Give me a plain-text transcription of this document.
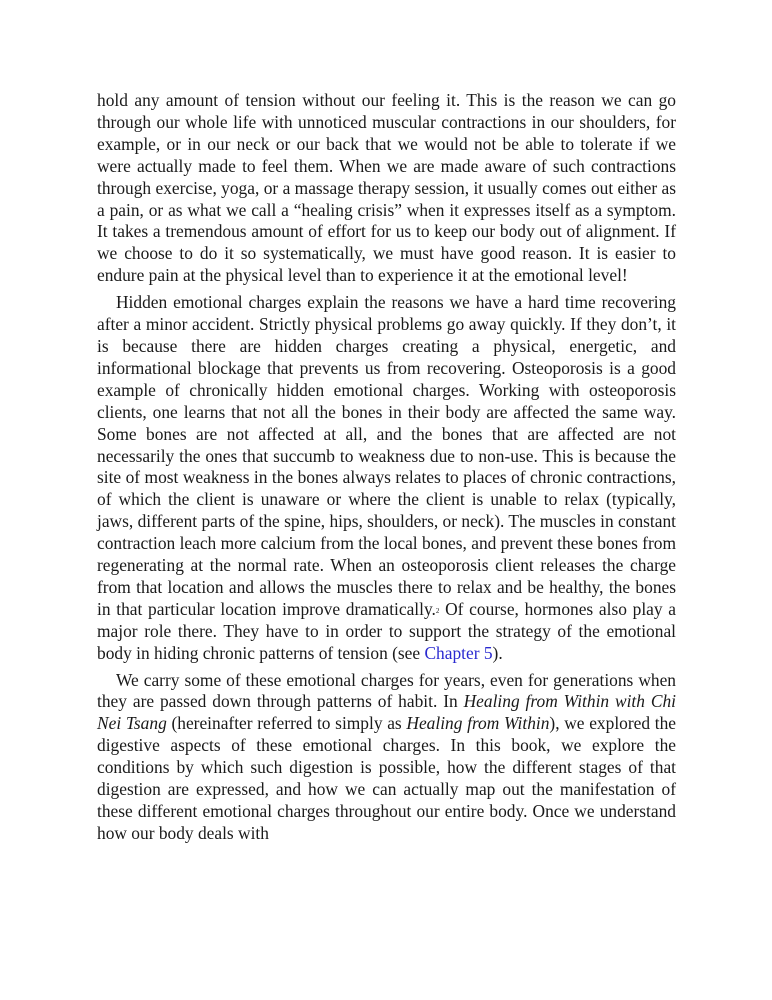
hold any amount of tension without our feeling it. This is the reason we can go through our whole life with unnoticed muscular contractions in our shoulders, for example, or in our neck or our back that we would not be able to tolerate if we were actually made to feel them. When we are made aware of such contractions through exercise, yoga, or a massage therapy session, it usually comes out either as a pain, or as what we call a “healing crisis” when it expresses itself as a symptom. It takes a tremendous amount of effort for us to keep our body out of alignment. If we choose to do it so systematically, we must have good reason. It is easier to endure pain at the physical level than to experience it at the emotional level!

Hidden emotional charges explain the reasons we have a hard time recovering after a minor accident. Strictly physical problems go away quickly. If they don’t, it is because there are hidden charges creating a physical, energetic, and informational blockage that prevents us from recovering. Osteoporosis is a good example of chronically hidden emotional charges. Working with osteoporosis clients, one learns that not all the bones in their body are affected the same way. Some bones are not affected at all, and the bones that are affected are not necessarily the ones that succumb to weakness due to non-use. This is because the site of most weakness in the bones always relates to places of chronic contractions, of which the client is unaware or where the client is unable to relax (typically, jaws, different parts of the spine, hips, shoulders, or neck). The muscles in constant contraction leach more calcium from the local bones, and prevent these bones from regenerating at the normal rate. When an osteoporosis client releases the charge from that location and allows the muscles there to relax and be healthy, the bones in that particular location improve dramatically.$^2$ Of course, hormones also play a major role there. They have to in order to support the strategy of the emotional body in hiding chronic patterns of tension (see Chapter 5).

We carry some of these emotional charges for years, even for generations when they are passed down through patterns of habit. In Healing from Within with Chi Nei Tsang (hereinafter referred to simply as Healing from Within), we explored the digestive aspects of these emotional charges. In this book, we explore the conditions by which such digestion is possible, how the different stages of that digestion are expressed, and how we can actually map out the manifestation of these different emotional charges throughout our entire body. Once we understand how our body deals with
